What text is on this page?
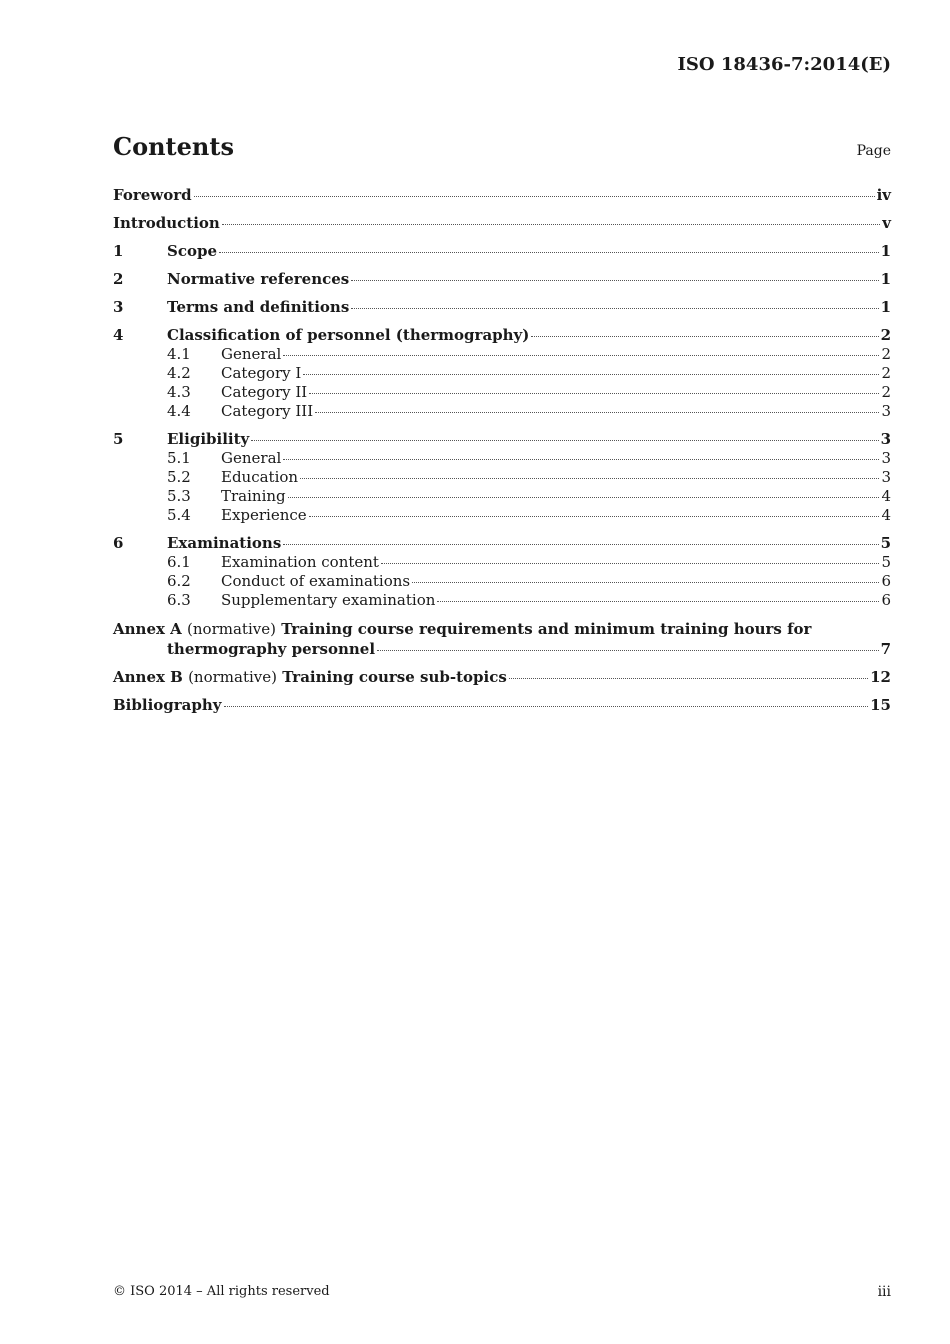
ISO 18436-7:2014(E)
Contents	Page
Foreword	iv
Introduction	v
1	Scope	1
2	Normative references	1
3	Terms and definitions	1
4	Classification of personnel (thermography)	2
4.1	General	2
4.2	Category I	2
4.3	Category II	2
4.4	Category III	3
5	Eligibility	3
5.1	General	3
5.2	Education	3
5.3	Training	4
5.4	Experience	4
6	Examinations	5
6.1	Examination content	5
6.2	Conduct of examinations	6
6.3	Supplementary examination	6
Annex A (normative) Training course requirements and minimum training hours for
thermography personnel	7
Annex B (normative) Training course sub-topics	12
Bibliography	15
© ISO 2014 – All rights reserved	iii
